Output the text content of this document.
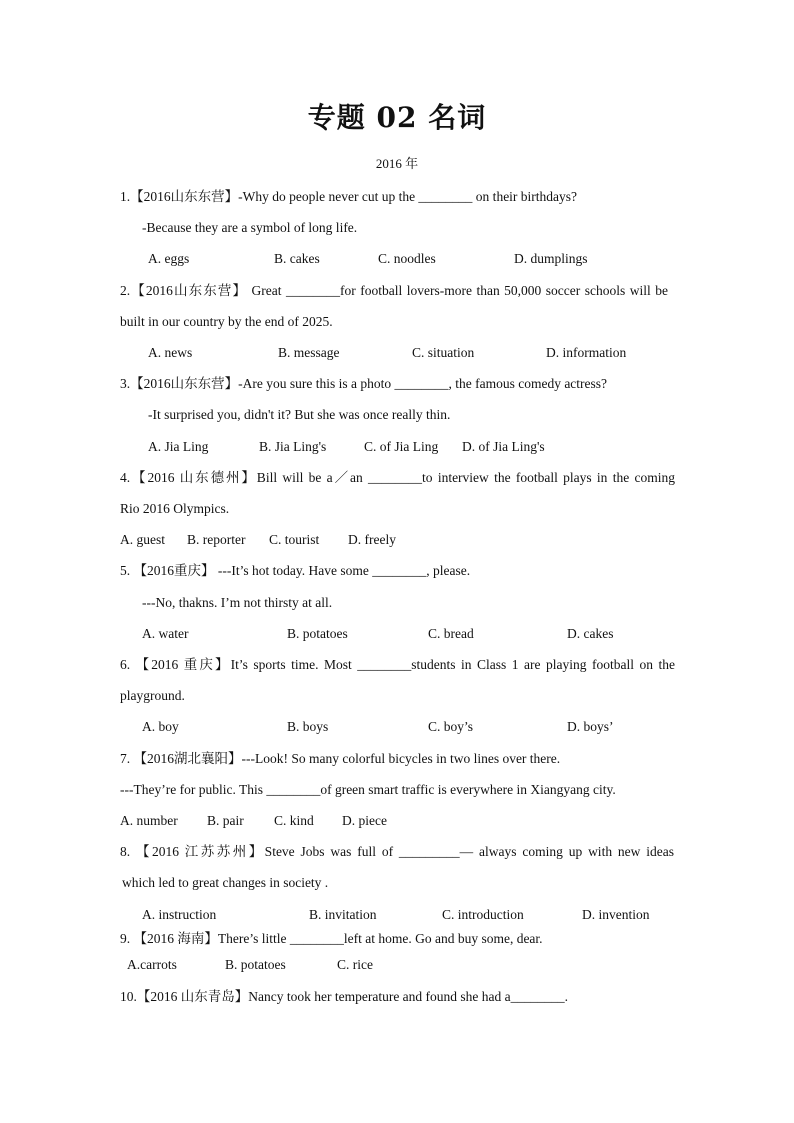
专题 02 名词
2016 年
1.【2016山东东营】-Why do people never cut up the ________ on their birthdays?
-Because they are a symbol of long life.
A. eggs	B. cakes	C. noodles	D. dumplings
2.【2016山东东营】 Great ________for football lovers-more than 50,000 soccer schools will be
built in our country by the end of 2025.
A. news	B. message	C. situation	D. information
3.【2016山东东营】-Are you sure this is a photo ________, the famous comedy actress?
-It surprised you, didn't it? But she was once really thin.
A. Jia Ling	B. Jia Ling's	C. of Jia Ling D. of Jia Ling's
4.【2016 山东德州】Bill will be a／an ________to interview the football plays in the coming
Rio 2016 Olympics.
A. guest B. reporter C. tourist D. freely
5. 【2016重庆】 ---It’s hot today. Have some ________, please.
---No, thakns. I’m not thirsty at all.
A. water	B. potatoes	C. bread	D. cakes
6. 【2016 重庆】It’s sports time. Most ________students in Class 1 are playing football on the
playground.
A. boy	B. boys	C. boy’s	D. boys’
7. 【2016湖北襄阳】---Look! So many colorful bicycles in two lines over there.
---They’re for public. This ________of green smart traffic is everywhere in Xiangyang city.
A. number B. pair C. kind D. piece
8. 【2016 江苏苏州】Steve Jobs was full of _________— always coming up with new ideas
which led to great changes in society .
A. instruction	B. invitation	C. introduction	D. invention
9. 【2016 海南】There’s little ________left at home. Go and buy some, dear.
A.carrots	B. potatoes	C. rice
10.【2016 山东青岛】Nancy took her temperature and found she had a________.
